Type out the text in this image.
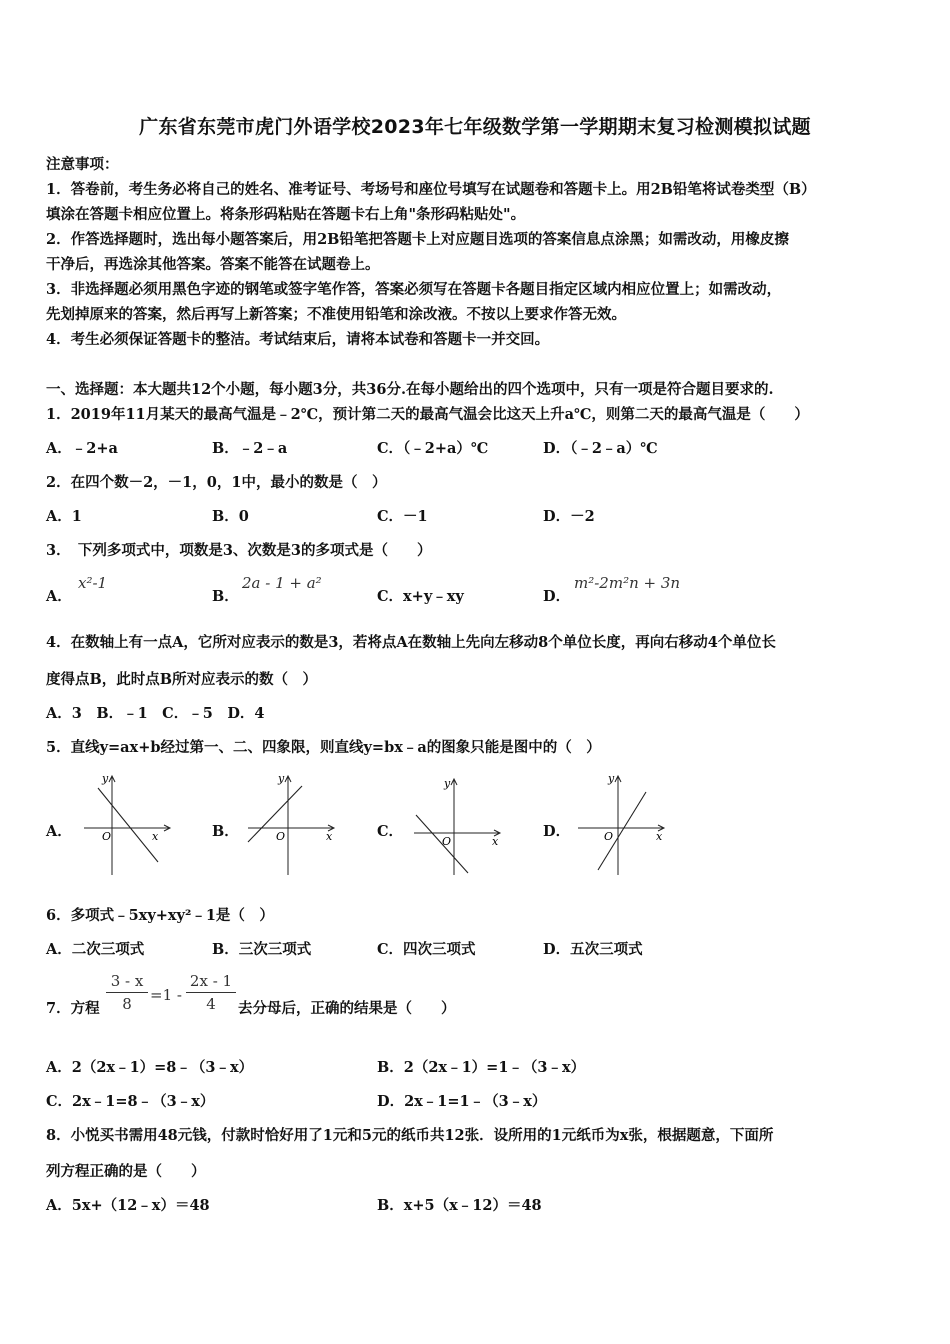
广东省东莞市虎门外语学校2023年七年级数学第一学期期末复习检测模拟试题
注意事项：
1．答卷前，考生务必将自己的姓名、准考证号、考场号和座位号填写在试题卷和答题卡上。用2B铅笔将试卷类型（B）
填涂在答题卡相应位置上。将条形码粘贴在答题卡右上角"条形码粘贴处"。
2．作答选择题时，选出每小题答案后，用2B铅笔把答题卡上对应题目选项的答案信息点涂黑；如需改动，用橡皮擦
干净后，再选涂其他答案。答案不能答在试题卷上。
3．非选择题必须用黑色字迹的钢笔或签字笔作答，答案必须写在答题卡各题目指定区域内相应位置上；如需改动，
先划掉原来的答案，然后再写上新答案；不准使用铅笔和涂改液。不按以上要求作答无效。
4．考生必须保证答题卡的整洁。考试结束后，请将本试卷和答题卡一并交回。
一、选择题：本大题共12个小题，每小题3分，共36分.在每小题给出的四个选项中，只有一项是符合题目要求的.
1．2019年11月某天的最高气温是﹣2℃，预计第二天的最高气温会比这天上升a℃，则第二天的最高气温是（　　）
A．﹣2+a	B．﹣2﹣a	C．（﹣2+a）℃	D．（﹣2﹣a）℃
2．在四个数－2，－1，0，1中，最小的数是（　）
A．1	B．0	C．－1	D．－2
3．　下列多项式中，项数是3、次数是3的多项式是（　　）
A．
x²-1
B．
2a - 1 + a²
C．x+y﹣xy	D．
m²-2m²n + 3n
4．在数轴上有一点A，它所对应表示的数是3，若将点A在数轴上先向左移动8个单位长度，再向右移动4个单位长
度得点B，此时点B所对应表示的数（　）
A．3　B．﹣1　C．﹣5　D．4
5．直线y=ax+b经过第一、二、四象限，则直线y=bx﹣a的图象只能是图中的（　）
A．	O	x
y
B．	O	x
y
C．
O	x
y
D．	O	x
y
6．多项式﹣5xy+xy²﹣1是（　）
A．二次三项式	B．三次三项式	C．四次三项式	D．五次三项式
7．方程 $\frac{3 - x}{8} =1 - \frac{2x - 1}{4}$ 去分母后，正确的结果是（　　）
A．2（2x﹣1）=8﹣（3﹣x）	B．2（2x﹣1）=1﹣（3﹣x）
C．2x﹣1=8﹣（3﹣x）	D．2x﹣1=1﹣（3﹣x）
8．小悦买书需用48元钱，付款时恰好用了1元和5元的纸币共12张．设所用的1元纸币为x张，根据题意，下面所
列方程正确的是（　　）
A．5x+（12﹣x）＝48	B．x+5（x﹣12）＝48
